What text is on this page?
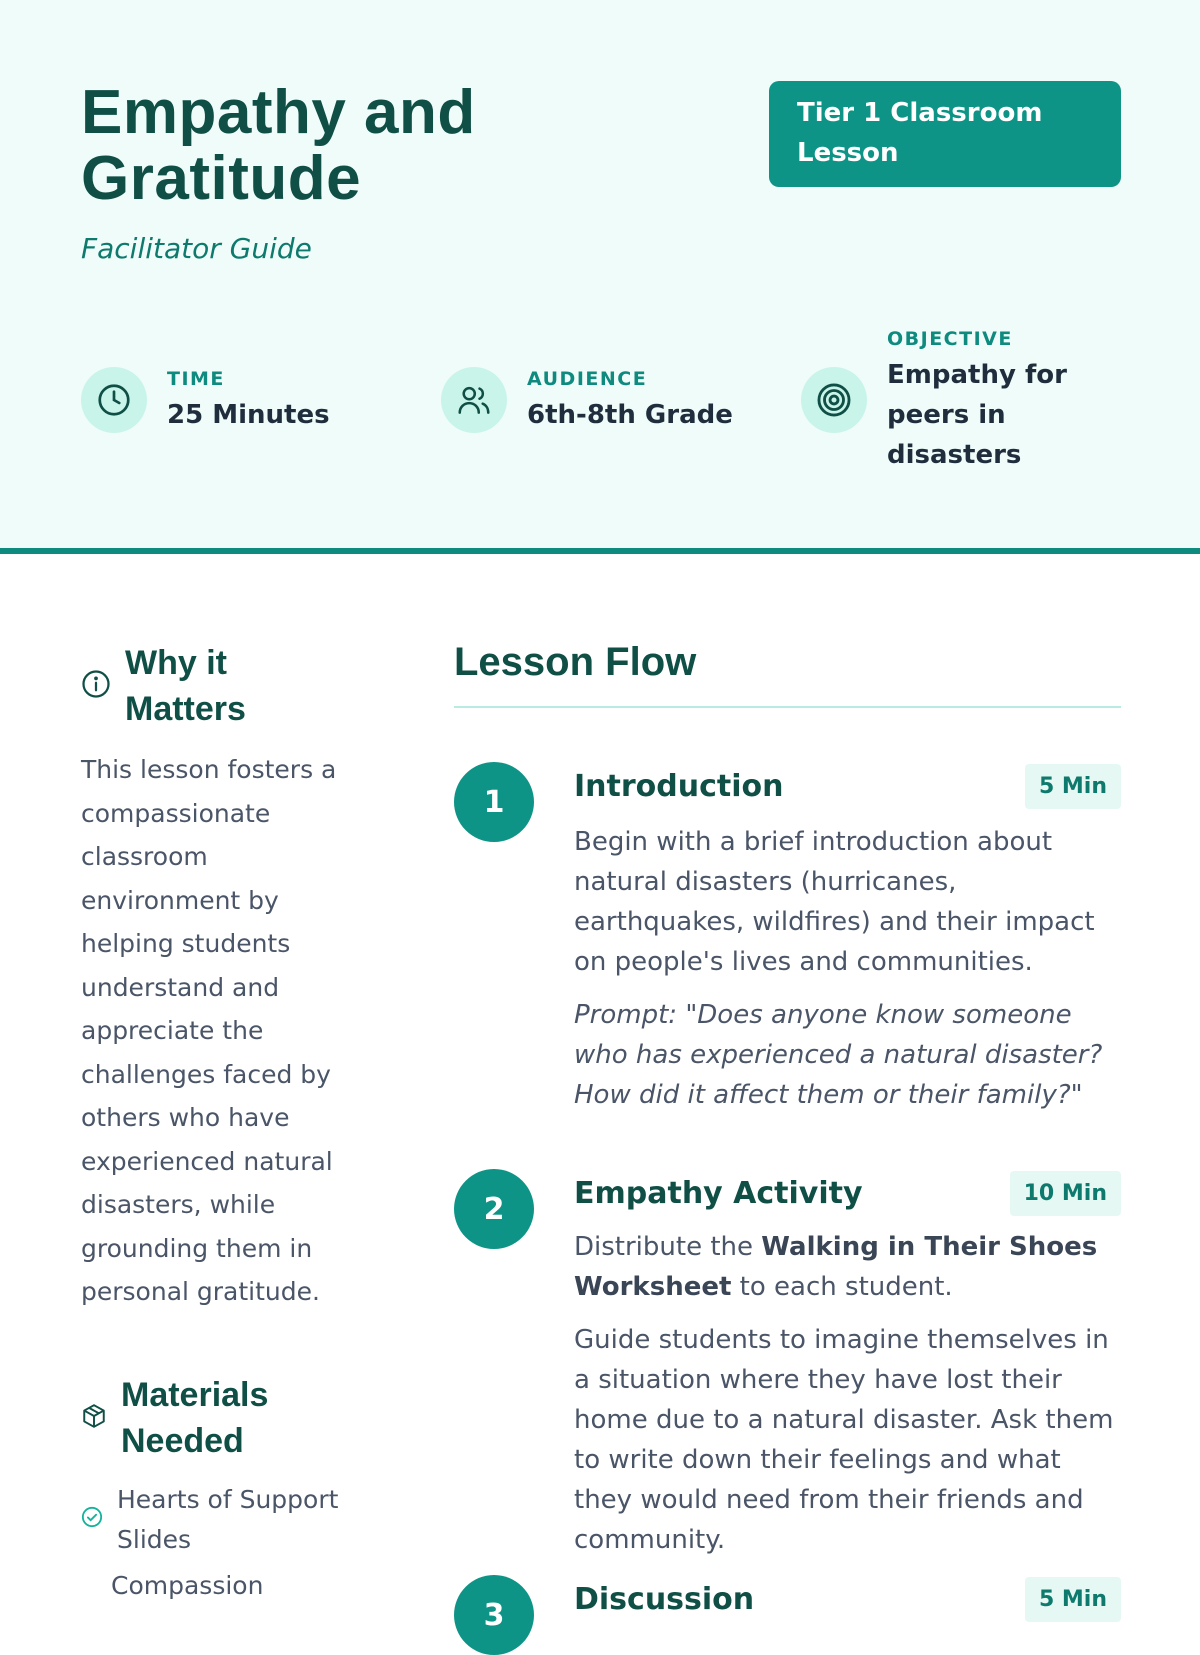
Empathy and Gratitude
Facilitator Guide
Tier 1 Classroom Lesson
TIME
25 Minutes
AUDIENCE
6th-8th Grade
OBJECTIVE
Empathy for peers in disasters
Why it Matters

This lesson fosters a compassionate classroom environment by helping students understand and appreciate the challenges faced by others who have experienced natural disasters, while grounding them in personal gratitude.

Materials Needed
Hearts of Support Slides
Compassion
Lesson Flow
1	Introduction	5 Min

Begin with a brief introduction about natural disasters (hurricanes, earthquakes, wildfires) and their impact on people's lives and communities.

Prompt: "Does anyone know someone who has experienced a natural disaster? How did it affect them or their family?"

2	Empathy Activity	10 Min

Distribute the Walking in Their Shoes Worksheet to each student.

Guide students to imagine themselves in a situation where they have lost their home due to a natural disaster. Ask them to write down their feelings and what they would need from their friends and community.

3	Discussion	5 Min
